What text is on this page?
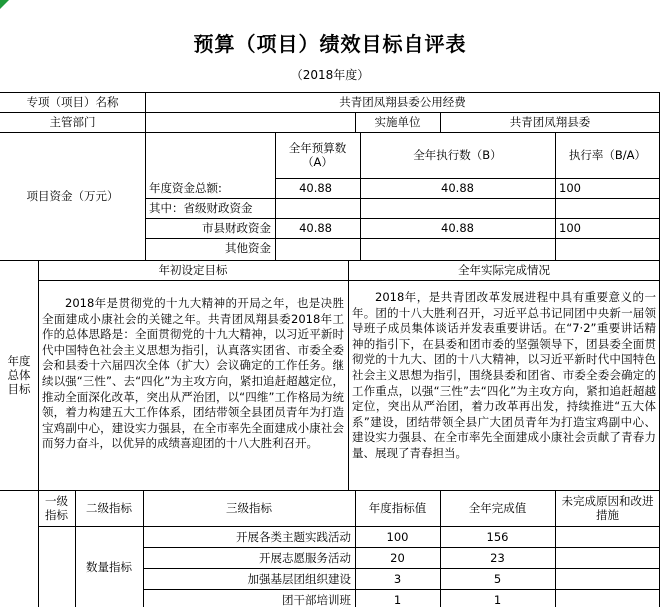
预算（项目）绩效目标自评表
（2018年度）
专项（项目）名称	共青团凤翔县委公用经费
主管部门	实施单位	共青团凤翔县委
项目资金（万元）
全年预算数（A）	全年执行数（B）	执行率（B/A）
年度资金总额:	40.88	40.88	100
其中：省级财政资金
市县财政资金	40.88	40.88	100
其他资金
年度总体目标
年初设定目标	全年实际完成情况
2018年是贯彻党的十九大精神的开局之年，也是决胜全面建成小康社会的关键之年。共青团凤翔县委2018年工作的总体思路是：全面贯彻党的十九大精神，以习近平新时代中国特色社会主义思想为指引，认真落实团省、市委全委会和县委十六届四次全体（扩大）会议确定的工作任务。继续以强“三性”、去“四化”为主攻方向，紧扣追赶超越定位，推动全面深化改革，突出从严治团，以“四维”工作格局为统领，着力构建五大工作体系，团结带领全县团员青年为打造宝鸡副中心，建设实力强县，在全市率先全面建成小康社会而努力奋斗，以优异的成绩喜迎团的十八大胜利召开。
2018年，是共青团改革发展进程中具有重要意义的一年。团的十八大胜利召开，习近平总书记同团中央新一届领导班子成员集体谈话并发表重要讲话。在“7·2”重要讲话精神的指引下，在县委和团市委的坚强领导下，团县委全面贯彻党的十九大、团的十八大精神，以习近平新时代中国特色社会主义思想为指引，围绕县委和团省、市委全委会确定的工作重点，以强“三性”去“四化”为主攻方向，紧扣追赶超越定位，突出从严治团，着力改革再出发，持续推进“五大体系”建设，团结带领全县广大团员青年为打造宝鸡副中心、建设实力强县、在全市率先全面建成小康社会贡献了青春力量、展现了青春担当。
一级指标	二级指标	三级指标	年度指标值	全年完成值	未完成原因和改进措施
数量指标
开展各类主题实践活动	100	156
开展志愿服务活动	20	23
加强基层团组织建设	3	5
团干部培训班	1	1
